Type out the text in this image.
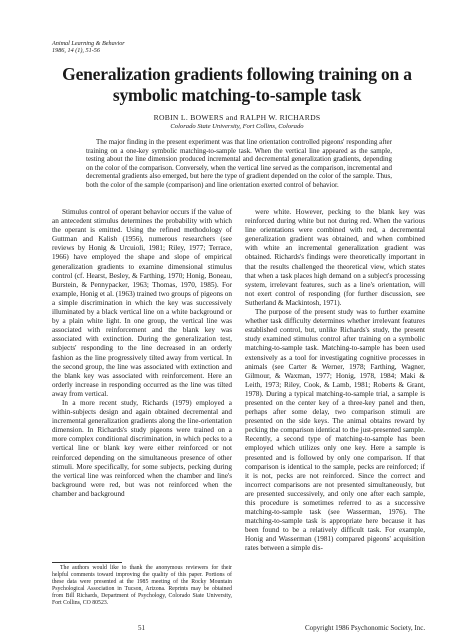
Animal Learning & Behavior
1986, 14 (1), 51-56
Generalization gradients following training on a symbolic matching-to-sample task
ROBIN L. BOWERS and RALPH W. RICHARDS
Colorado State University, Fort Collins, Colorado

The major finding in the present experiment was that line orientation controlled pigeons' responding after training on a one-key symbolic matching-to-sample task. When the vertical line appeared as the sample, testing about the line dimension produced incremental and decremental generalization gradients, depending on the color of the comparison. Conversely, when the vertical line served as the comparison, incremental and decremental gradients also emerged, but here the type of gradient depended on the color of the sample. Thus, both the color of the sample (comparison) and line orientation exerted control of behavior.

Stimulus control of operant behavior occurs if the value of an antecedent stimulus determines the probability with which the operant is emitted. Using the refined methodology of Guttman and Kalish (1956), numerous researchers (see reviews by Honig & Urcuioli, 1981; Riley, 1977; Terrace, 1966) have employed the shape and slope of empirical generalization gradients to examine dimensional stimulus control (cf. Hearst, Besley, & Farthing, 1970; Honig, Boneau, Burstein, & Pennypacker, 1963; Thomas, 1970, 1985). For example, Honig et al. (1963) trained two groups of pigeons on a simple discrimination in which the key was successively illuminated by a black vertical line on a white background or by a plain white light. In one group, the vertical line was associated with reinforcement and the blank key was associated with extinction. During the generalization test, subjects' responding to the line decreased in an orderly fashion as the line progressively tilted away from vertical. In the second group, the line was associated with extinction and the blank key was associated with reinforcement. Here an orderly increase in responding occurred as the line was tilted away from vertical.

In a more recent study, Richards (1979) employed a within-subjects design and again obtained decremental and incremental generalization gradients along the line-orientation dimension. In Richards's study pigeons were trained on a more complex conditional discrimination, in which pecks to a vertical line or blank key were either reinforced or not reinforced depending on the simultaneous presence of other stimuli. More specifically, for some subjects, pecking during the vertical line was reinforced when the chamber and line's background were red, but was not reinforced when the chamber and background

were white. However, pecking to the blank key was reinforced during white but not during red. When the various line orientations were combined with red, a decremental generalization gradient was obtained, and when combined with white an incremental generalization gradient was obtained. Richards's findings were theoretically important in that the results challenged the theoretical view, which states that when a task places high demand on a subject's processing system, irrelevant features, such as a line's orientation, will not exert control of responding (for further discussion, see Sutherland & Mackintosh, 1971).

The purpose of the present study was to further examine whether task difficulty determines whether irrelevant features established control, but, unlike Richards's study, the present study examined stimulus control after training on a symbolic matching-to-sample task. Matching-to-sample has been used extensively as a tool for investigating cognitive processes in animals (see Carter & Werner, 1978; Farthing, Wagner, Gilmour, & Waxman, 1977; Honig, 1978, 1984; Maki & Leith, 1973; Riley, Cook, & Lamb, 1981; Roberts & Grant, 1978). During a typical matching-to-sample trial, a sample is presented on the center key of a three-key panel and then, perhaps after some delay, two comparison stimuli are presented on the side keys. The animal obtains reward by pecking the comparison identical to the just-presented sample. Recently, a second type of matching-to-sample has been employed which utilizes only one key. Here a sample is presented and is followed by only one comparison. If that comparison is identical to the sample, pecks are reinforced; if it is not, pecks are not reinforced. Since the correct and incorrect comparisons are not presented simultaneously, but are presented successively, and only one after each sample, this procedure is sometimes referred to as a successive matching-to-sample task (see Wasserman, 1976). The matching-to-sample task is appropriate here because it has been found to be a relatively difficult task. For example, Honig and Wasserman (1981) compared pigeons' acquisition rates between a simple dis-

The authors would like to thank the anonymous reviewers for their helpful comments toward improving the quality of this paper. Portions of these data were presented at the 1985 meeting of the Rocky Mountain Psychological Association in Tucson, Arizona. Reprints may be obtained from Bill Richards, Department of Psychology, Colorado State University, Fort Collins, CO 80523.

51	Copyright 1986 Psychonomic Society, Inc.
